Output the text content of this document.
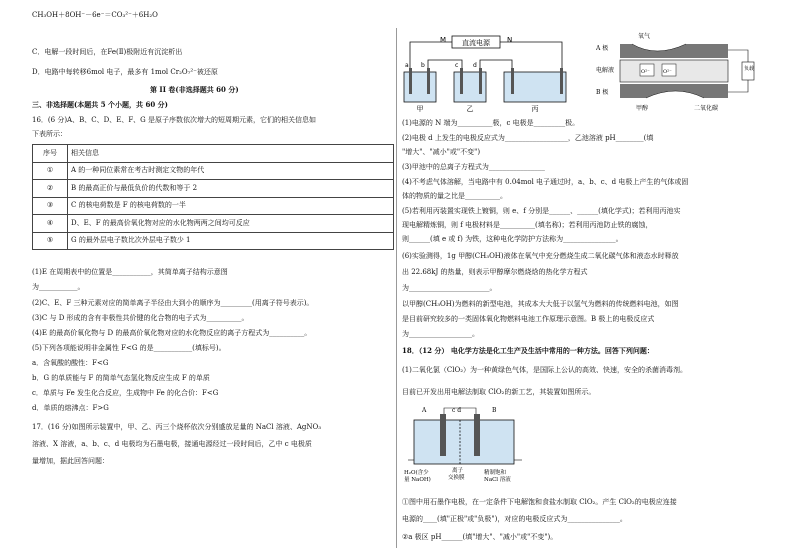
CH₃OH＋8OH⁻－6e⁻＝CO₃²⁻＋6H₂O
C．电解一段时间后，在Fe(Ⅱ)极附近有沉淀析出
D．电路中每转移6mol 电子，最多有 1mol Cr₂O₇²⁻被还原
第 II 卷(非选择题共 60 分)
三、非选择题(本题共 5 个小题，共 60 分)
16．(6 分)A、B、C、D、E、F、G 是原子序数依次增大的短周期元素，它们的相关信息如
下表所示：
序号	相关信息
①	A 的一种同位素常在考古时测定文物的年代
②	B 的最高正价与最低负价的代数和等于 2
③	C 的核电荷数是 F 的核电荷数的一半
④	D、E、F 的最高价氧化物对应的水化物两两之间均可反应
⑤	G 的最外层电子数比次外层电子数少 1
(1)E 在周期表中的位置是___________，其简单离子结构示意图
为___________。
(2)C、E、F 三种元素对应的简单离子半径由大到小的顺序为_________(用离子符号表示)。
(3)C 与 D 形成的含有非极性共价键的化合物的电子式为__________。
(4)E 的最高价氧化物与 D 的最高价氧化物对应的水化物反应的离子方程式为__________。
(5)下列各项能说明非金属性 F<G 的是___________(填标号)。
a．含氧酸的酸性：F<G
b．G 的单质能与 F 的简单气态氢化物反应生成 F 的单质
c．单质与 Fe 发生化合反应，生成物中 Fe 的化合价：F<G
d．单质的熔沸点：F>G
17．(16 分)如图所示装置中，甲、乙、丙三个烧杯依次分别盛放足量的 NaCl 溶液、AgNO₃
溶液、X 溶液，a、b、c、d 电极均为石墨电极，接通电源经过一段时间后，乙中 c 电极质
量增加，据此回答问题：
直流电源
M	N
a b	c d
甲	乙	丙
氧气
A 极
电解液
B 极
O²⁻	O²⁻	负载
甲醇	二氧化碳
(1)电源的 N 端为__________极，c 电极是_________极。
(2)电极 d 上发生的电极反应式为__________________，乙池溶液 pH________(填
"增大"、"减小"或"不变")
(3)甲池中的总离子方程式为________________
(4)不考虑气体溶解，当电路中有 0.04mol 电子通过时，a、b、c、d 电极上产生的气体或固
体的物质的量之比是__________。
(5)若利用丙装置实现铁上镀铜，则 e、f 分别是______、______(填化学式)；若利用丙池实
现电解精炼铜，则 f 电极材料是__________(填名称)；若利用丙池防止铁的腐蚀，
则______(填 e 或 f) 为铁，这种电化学防护方法称为_______________。
(6)实验测得，1g 甲醇(CH₃OH)液体在氧气中充分燃烧生成二氧化碳气体和液态水时释放
出 22.68kJ 的热量，则表示甲醇摩尔燃烧焓的热化学方程式
为_______________________。
以甲醇(CH₃OH)为燃料的新型电池，其成本大大低于以氢气为燃料的传统燃料电池，如图
是目前研究较多的一类固体氧化物燃料电池工作原理示意图。B 极上的电极反应式
为__________________。
18．（12 分） 电化学方法是化工生产及生活中常用的一种方法。回答下列问题：
(1)二氧化氯（ClO₂）为一种黄绿色气体，是国际上公认的高效、快速，安全的杀菌消毒剂。
目前已开发出用电解法制取 ClO₂的新工艺，其装置如图所示。
A	B
c d
H₂O(含少
量 NaOH)
离子
交换膜
精制饱和
NaCl 溶液
①图中用石墨作电极，在一定条件下电解饱和食盐水制取 ClO₂。产生 ClO₂的电极应连接
电源的____(填"正极"或"负极")，对应的电极反应式为_______________。
②a 极区 pH______(填"增大"、"减小"或"不变")。
